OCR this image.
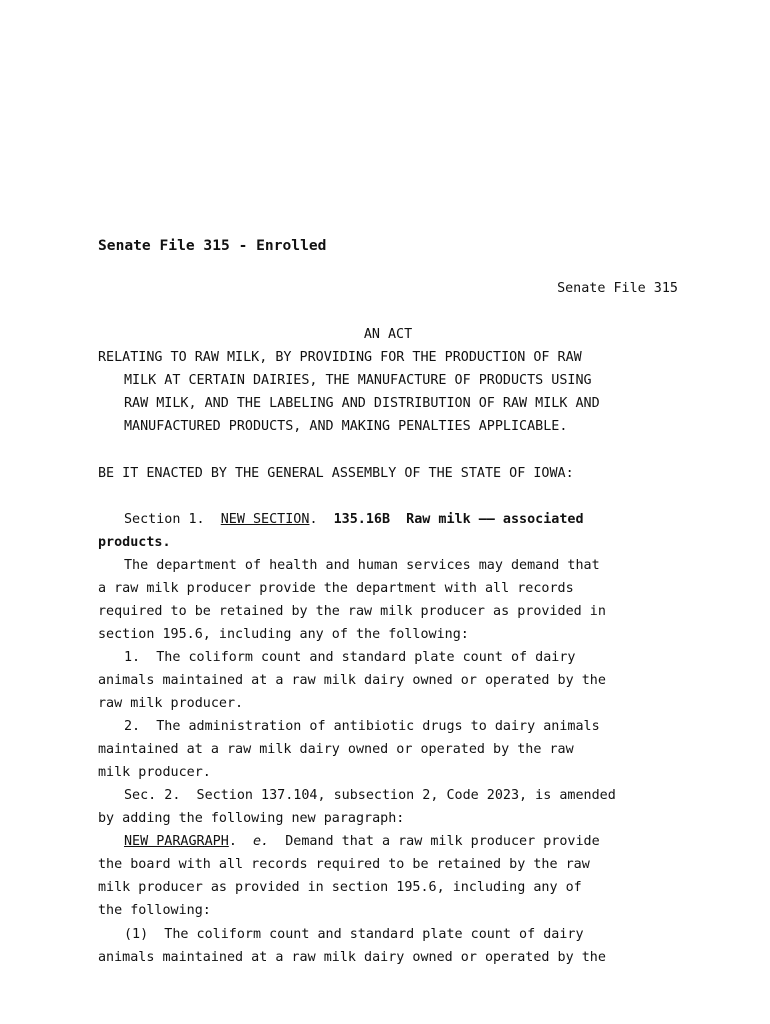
Senate File 315 - Enrolled
Senate File 315
AN ACT
RELATING TO RAW MILK, BY PROVIDING FOR THE PRODUCTION OF RAW
MILK AT CERTAIN DAIRIES, THE MANUFACTURE OF PRODUCTS USING
RAW MILK, AND THE LABELING AND DISTRIBUTION OF RAW MILK AND
MANUFACTURED PRODUCTS, AND MAKING PENALTIES APPLICABLE.
BE IT ENACTED BY THE GENERAL ASSEMBLY OF THE STATE OF IOWA:
Section 1. NEW SECTION. 135.16B  Raw milk —— associated
products.
The department of health and human services may demand that
a raw milk producer provide the department with all records
required to be retained by the raw milk producer as provided in
section 195.6, including any of the following:
1.  The coliform count and standard plate count of dairy
animals maintained at a raw milk dairy owned or operated by the
raw milk producer.
2.  The administration of antibiotic drugs to dairy animals
maintained at a raw milk dairy owned or operated by the raw
milk producer.
Sec. 2.  Section 137.104, subsection 2, Code 2023, is amended
by adding the following new paragraph:
NEW PARAGRAPH.  e.  Demand that a raw milk producer provide
the board with all records required to be retained by the raw
milk producer as provided in section 195.6, including any of
the following:
(1)  The coliform count and standard plate count of dairy
animals maintained at a raw milk dairy owned or operated by the
